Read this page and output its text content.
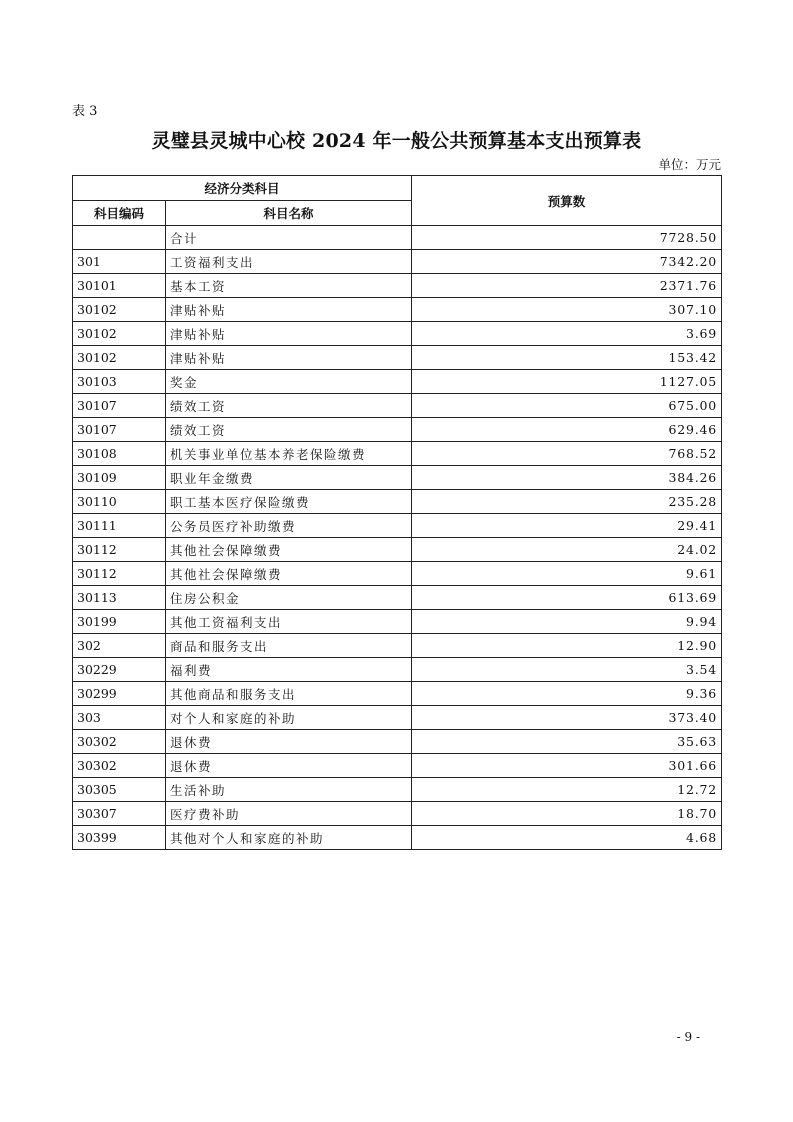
表 3
灵璧县灵城中心校 2024 年一般公共预算基本支出预算表
单位：万元
经济分类科目		预算数
科目编码	科目名称	
	合计	7728.50
301	工资福利支出	7342.20
30101	基本工资	2371.76
30102	津贴补贴	307.10
30102	津贴补贴	3.69
30102	津贴补贴	153.42
30103	奖金	1127.05
30107	绩效工资	675.00
30107	绩效工资	629.46
30108	机关事业单位基本养老保险缴费	768.52
30109	职业年金缴费	384.26
30110	职工基本医疗保险缴费	235.28
30111	公务员医疗补助缴费	29.41
30112	其他社会保障缴费	24.02
30112	其他社会保障缴费	9.61
30113	住房公积金	613.69
30199	其他工资福利支出	9.94
302	商品和服务支出	12.90
30229	福利费	3.54
30299	其他商品和服务支出	9.36
303	对个人和家庭的补助	373.40
30302	退休费	35.63
30302	退休费	301.66
30305	生活补助	12.72
30307	医疗费补助	18.70
30399	其他对个人和家庭的补助	4.68
- 9 -
